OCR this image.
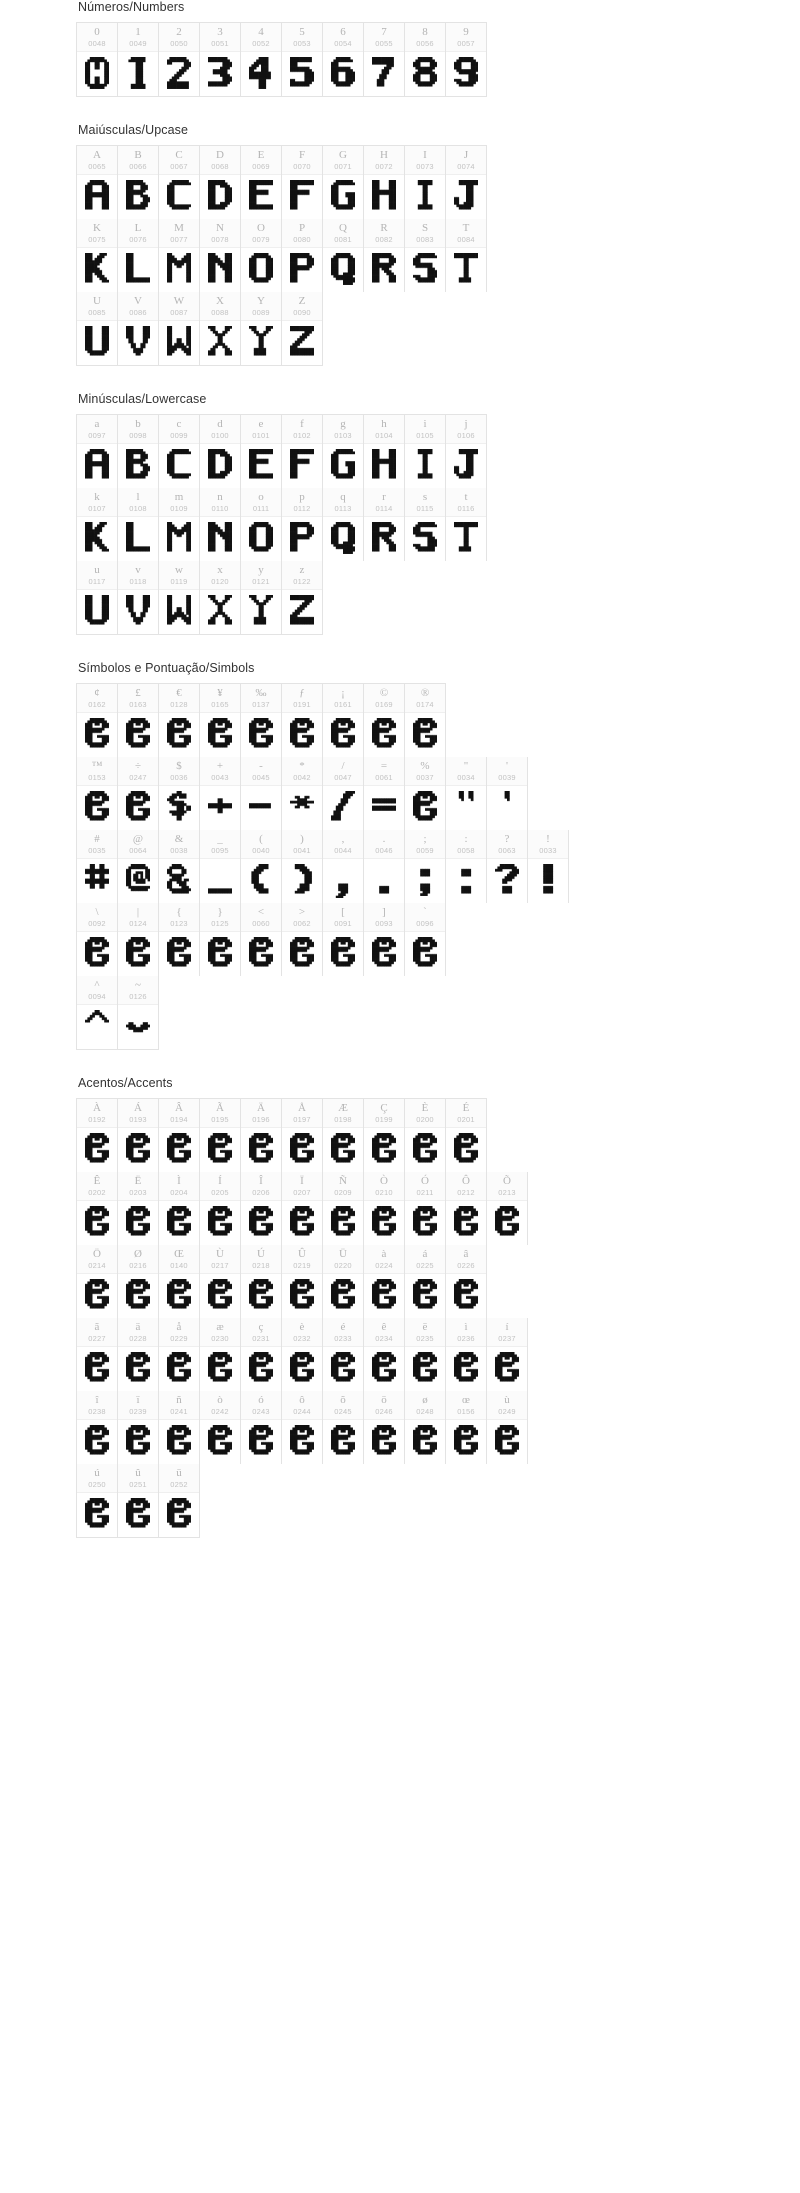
Números/Numbers
0
0048
1
0049
2
0050
3
0051
4
0052
5
0053
6
0054
7
0055
8
0056
9
0057
Maiúsculas/Upcase
A
0065
B
0066
C
0067
D
0068
E
0069
F
0070
G
0071
H
0072
I
0073
J
0074
K
0075
L
0076
M
0077
N
0078
O
0079
P
0080
Q
0081
R
0082
S
0083
T
0084
U
0085
V
0086
W
0087
X
0088
Y
0089
Z
0090
Minúsculas/Lowercase
a
0097
b
0098
c
0099
d
0100
e
0101
f
0102
g
0103
h
0104
i
0105
j
0106
k
0107
l
0108
m
0109
n
0110
o
0111
p
0112
q
0113
r
0114
s
0115
t
0116
u
0117
v
0118
w
0119
x
0120
y
0121
z
0122
Símbolos e Pontuação/Simbols
¢
0162
£
0163
€
0128
¥
0165
‰
0137
ƒ
0191
¡
0161
©
0169
®
0174
™
0153
÷
0247
$
0036
+
0043
-
0045
*
0042
/
0047
=
0061
%
0037
"
0034
'
0039
#
0035
@
0064
&
0038
_
0095
(
0040
)
0041
,
0044
.
0046
;
0059
:
0058
?
0063
!
0033
\
0092
|
0124
{
0123
}
0125
<
0060
>
0062
[
0091
]
0093
`
0096
^
0094
~
0126
Acentos/Accents
À
0192
Á
0193
Â
0194
Ã
0195
Ä
0196
Å
0197
Æ
0198
Ç
0199
È
0200
É
0201
Ê
0202
Ë
0203
Ì
0204
Í
0205
Î
0206
Ï
0207
Ñ
0209
Ò
0210
Ó
0211
Ô
0212
Õ
0213
Ö
0214
Ø
0216
Œ
0140
Ù
0217
Ú
0218
Û
0219
Ü
0220
à
0224
á
0225
â
0226
ã
0227
ä
0228
å
0229
æ
0230
ç
0231
è
0232
é
0233
ê
0234
ë
0235
ì
0236
í
0237
î
0238
ï
0239
ñ
0241
ò
0242
ó
0243
ô
0244
õ
0245
ö
0246
ø
0248
œ
0156
ù
0249
ú
0250
û
0251
ü
0252
